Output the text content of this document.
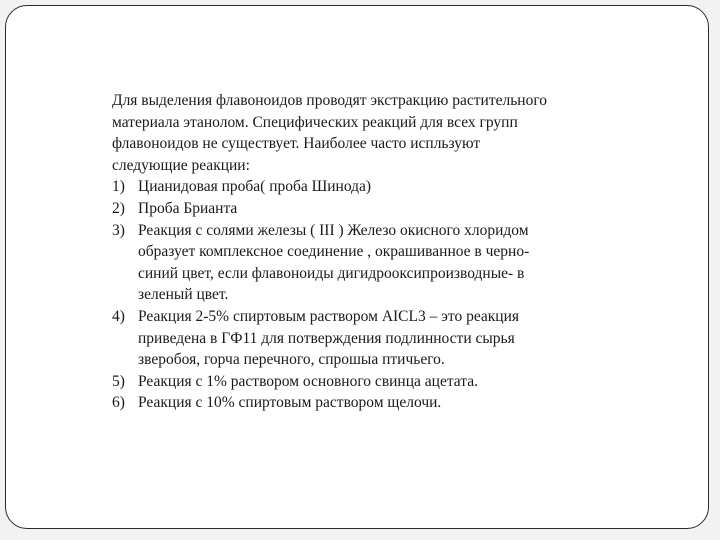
Для выделения флавоноидов проводят экстракцию растительного
материала этанолом. Специфических реакций для всех групп
флавоноидов не существует. Наиболее часто испльзуют
следующие реакции:

1) Цианидовая проба( проба Шинода)
2) Проба Брианта
3) Реакция с солями железы ( III ) Железо окисного хлоридом
образует комплексное соединение , окрашиванное в черно-
синий цвет, если флавоноиды дигидрооксипроизводные- в
зеленый цвет.
4) Реакция 2-5% спиртовым раствором AICL3 – это реакция
приведена в ГФ11 для потверждения подлинности сырья
зверобоя, горча перечного, спрошыа птичьего.
5) Реакция с 1% раствором основного свинца ацетата.
6) Реакция с 10% спиртовым раствором щелочи.
